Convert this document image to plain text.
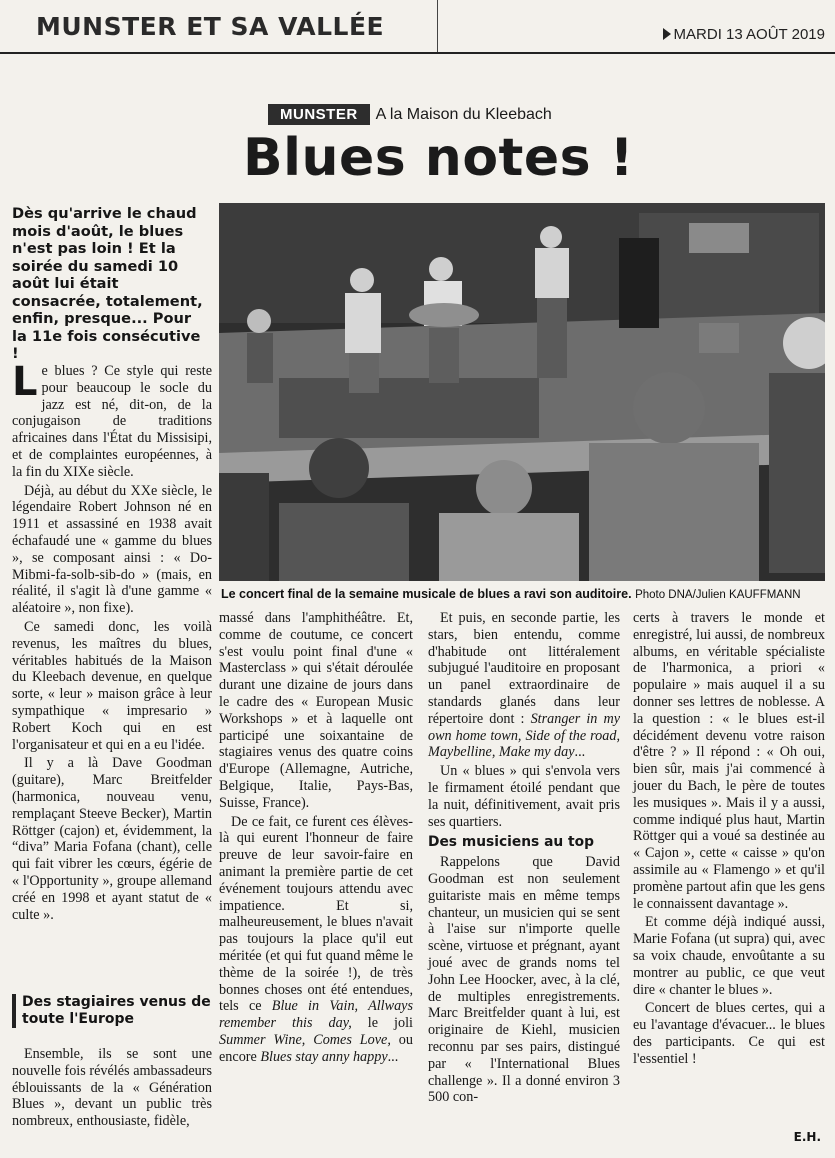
MUNSTER ET SA VALLÉE	MARDI 13 AOÛT 2019
MUNSTER A la Maison du Kleebach
Blues notes !
Dès qu'arrive le chaud mois d'août, le blues n'est pas loin ! Et la soirée du samedi 10 août lui était consacrée, totalement, enfin, presque... Pour la 11e fois consécutive !
Le concert final de la semaine musicale de blues a ravi son auditoire. Photo DNA/Julien KAUFFMANN

Le blues ? Ce style qui reste pour beaucoup le socle du jazz est né, dit-on, de la conjugaison de traditions africaines dans l'État du Missisipi, et de complaintes européennes, à la fin du XIXe siècle.

Déjà, au début du XXe siècle, le légendaire Robert Johnson né en 1911 et assassiné en 1938 avait échafaudé une « gamme du blues », se composant ainsi : « Do-Mibmi-fa-solb-sib-do » (mais, en réalité, il s'agit là d'une gamme « aléatoire », non fixe).

Ce samedi donc, les voilà revenus, les maîtres du blues, véritables habitués de la Maison du Kleebach devenue, en quelque sorte, « leur » maison grâce à leur sympathique « impresario » Robert Koch qui en est l'organisateur et qui en a eu l'idée.

Il y a là Dave Goodman (guitare), Marc Breitfelder (harmonica, nouveau venu, remplaçant Steeve Becker), Martin Röttger (cajon) et, évidemment, la “diva” Maria Fofana (chant), celle qui fait vibrer les cœurs, égérie de « l'Opportunity », groupe allemand créé en 1998 et ayant statut de « culte ».

Des stagiaires venus de toute l'Europe

Ensemble, ils se sont une nouvelle fois révélés ambassadeurs éblouissants de la « Génération Blues », devant un public très nombreux, enthousiaste, fidèle,

massé dans l'amphithéâtre. Et, comme de coutume, ce concert s'est voulu point final d'une « Masterclass » qui s'était déroulée durant une dizaine de jours dans le cadre des « European Music Workshops » et à laquelle ont participé une soixantaine de stagiaires venus des quatre coins d'Europe (Allemagne, Autriche, Belgique, Italie, Pays-Bas, Suisse, France).

De ce fait, ce furent ces élèves-là qui eurent l'honneur de faire preuve de leur savoir-faire en animant la première partie de cet événement toujours attendu avec impatience. Et si, malheureusement, le blues n'avait pas toujours la place qu'il eut méritée (et qui fut quand même le thème de la soirée !), de très bonnes choses ont été entendues, tels ce Blue in Vain, Allways remember this day, le joli Summer Wine, Comes Love, ou encore Blues stay anny happy...

Et puis, en seconde partie, les stars, bien entendu, comme d'habitude ont littéralement subjugué l'auditoire en proposant un panel extraordinaire de standards glanés dans leur répertoire dont : Stranger in my own home town, Side of the road, Maybelline, Make my day...

Un « blues » qui s'envola vers le firmament étoilé pendant que la nuit, définitivement, avait pris ses quartiers.

Des musiciens au top

Rappelons que David Goodman est non seulement guitariste mais en même temps chanteur, un musicien qui se sent à l'aise sur n'importe quelle scène, virtuose et prégnant, ayant joué avec de grands noms tel John Lee Hoocker, avec, à la clé, de multiples enregistrements. Marc Breitfelder quant à lui, est originaire de Kiehl, musicien reconnu par ses pairs, distingué par « l'International Blues challenge ». Il a donné environ 3 500 con-

certs à travers le monde et enregistré, lui aussi, de nombreux albums, en véritable spécialiste de l'harmonica, a priori « populaire » mais auquel il a su donner ses lettres de noblesse. A la question : « le blues est-il décidément devenu votre raison d'être ? » Il répond : « Oh oui, bien sûr, mais j'ai commencé à jouer du Bach, le père de toutes les musiques ». Mais il y a aussi, comme indiqué plus haut, Martin Röttger qui a voué sa destinée au « Cajon », cette « caisse » qu'on assimile au « Flamengo » et qu'il promène partout afin que les gens le connaissent davantage ».

Et comme déjà indiqué aussi, Marie Fofana (ut supra) qui, avec sa voix chaude, envoûtante a su montrer au public, ce que veut dire « chanter le blues ».

Concert de blues certes, qui a eu l'avantage d'évacuer... le blues des participants. Ce qui est l'essentiel !

E.H.
